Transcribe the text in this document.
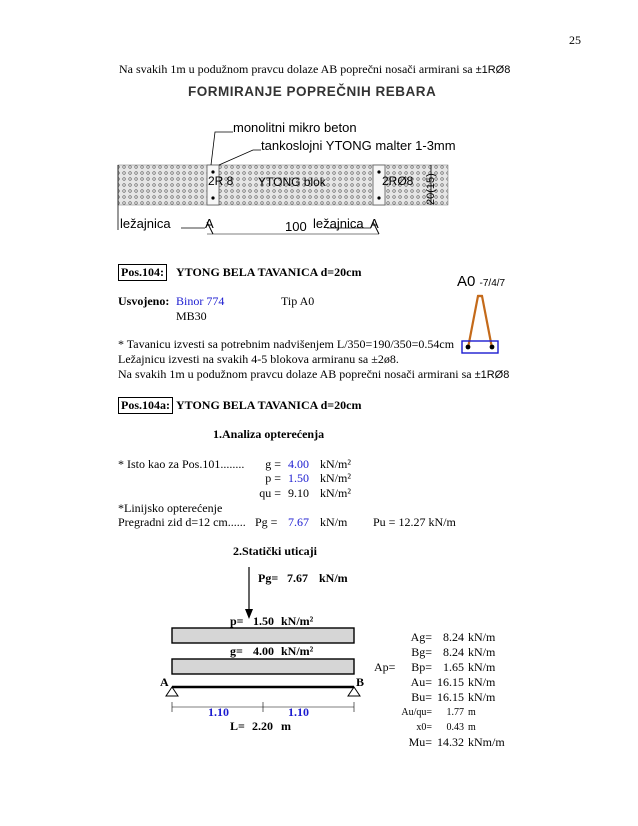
25
Na svakih 1m u podužnom pravcu dolaze AB poprečni nosači armirani sa ±1RØ8
FORMIRANJE POPREČNIH REBARA
monolitni mikro beton
tankoslojni YTONG malter 1-3mm
2R 8 YTONG blok	2RØ8 20(15)
ležajnica	A	100 ležajnica A
Pos.104: YTONG BELA TAVANICA d=20cm
A0 -7/4/7
Usvojeno: Binor 774	Tip A0
MB30
* Tavanicu izvesti sa potrebnim nadvišenjem L/350=190/350=0.54cm
Ležajnicu izvesti na svakih 4-5 blokova armiranu sa ±2ø8.
Na svakih 1m u podužnom pravcu dolaze AB poprečni nosači armirani sa ±1RØ8
Pos.104a: YTONG BELA TAVANICA d=20cm
1.Analiza opterećenja
* Isto kao za Pos.101........	g = 4.00 kN/m²
p = 1.50 kN/m²
qu = 9.10 kN/m²
*Linijsko opterećenje
Pregradni zid d=12 cm...... Pg = 7.67 kN/m Pu = 12.27 kN/m
2.Statički uticaji
Pg= 7.67 kN/m
p= 1.50 kN/m²
g= 4.00 kN/m²
A	B
1.10	1.10
L= 2.20 m
Ap=
Ag= 8.24 kN/m
Bg= 8.24 kN/m
Bp= 1.65 kN/m
Au= 16.15 kN/m
Bu= 16.15 kN/m
Au/qu=	1.77 m
x0=	0.43 m
Mu= 14.32 kNm/m
